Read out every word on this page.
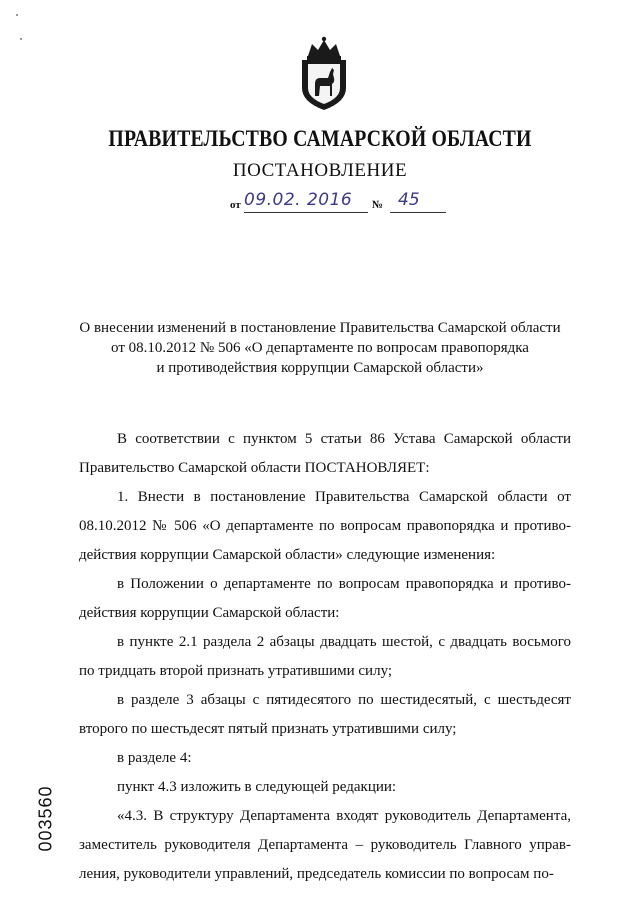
ПРАВИТЕЛЬСТВО САМАРСКОЙ ОБЛАСТИ
ПОСТАНОВЛЕНИЕ
от 09.02. 2016	№ 45
О внесении изменений в постановление Правительства Самарской области
от 08.10.2012 № 506 «О департаменте по вопросам правопорядка
и противодействия коррупции Самарской области»

В соответствии с пунктом 5 статьи 86 Устава Самарской области Правительство Самарской области ПОСТАНОВЛЯЕТ:

1. Внести в постановление Правительства Самарской области от 08.10.2012 № 506 «О департаменте по вопросам правопорядка и противодействия коррупции Самарской области» следующие изменения:

в Положении о департаменте по вопросам правопорядка и противодействия коррупции Самарской области:

в пункте 2.1 раздела 2 абзацы двадцать шестой, с двадцать восьмого по тридцать второй признать утратившими силу;

в разделе 3 абзацы с пятидесятого по шестидесятый, с шестьдесят второго по шестьдесят пятый признать утратившими силу;

в разделе 4:

пункт 4.3 изложить в следующей редакции:

«4.3. В структуру Департамента входят руководитель Департамента, заместитель руководителя Департамента – руководитель Главного управления, руководители управлений, председатель комиссии по вопросам по-

003560
